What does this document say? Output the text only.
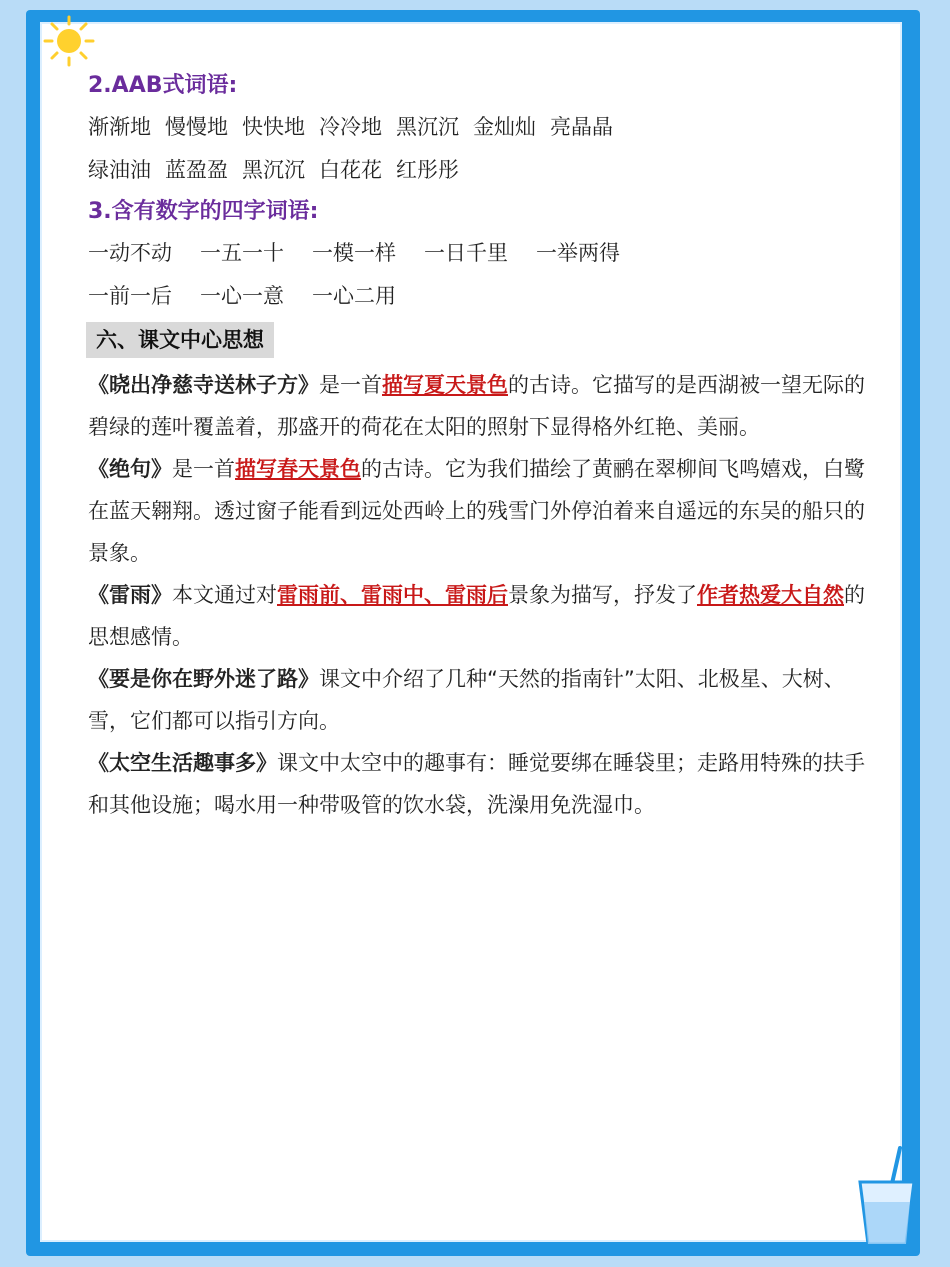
2.AAB式词语:
渐渐地 慢慢地 快快地 冷冷地 黑沉沉 金灿灿 亮晶晶
绿油油 蓝盈盈 黑沉沉 白花花 红彤彤
3.含有数字的四字词语:
一动不动 一五一十 一模一样 一日千里 一举两得
一前一后 一心一意 一心二用
六、课文中心思想

《晓出净慈寺送林子方》是一首描写夏天景色的古诗。它描写的是西湖被一望无际的碧绿的莲叶覆盖着，那盛开的荷花在太阳的照射下显得格外红艳、美丽。

《绝句》是一首描写春天景色的古诗。它为我们描绘了黄鹂在翠柳间飞鸣嬉戏，白鹭在蓝天翱翔。透过窗子能看到远处西岭上的残雪门外停泊着来自遥远的东吴的船只的景象。

《雷雨》本文通过对雷雨前、雷雨中、雷雨后景象为描写，抒发了作者热爱大自然的思想感情。

《要是你在野外迷了路》课文中介绍了几种“天然的指南针”太阳、北极星、大树、雪，它们都可以指引方向。

《太空生活趣事多》课文中太空中的趣事有：睡觉要绑在睡袋里；走路用特殊的扶手和其他设施；喝水用一种带吸管的饮水袋，洗澡用免洗湿巾。
